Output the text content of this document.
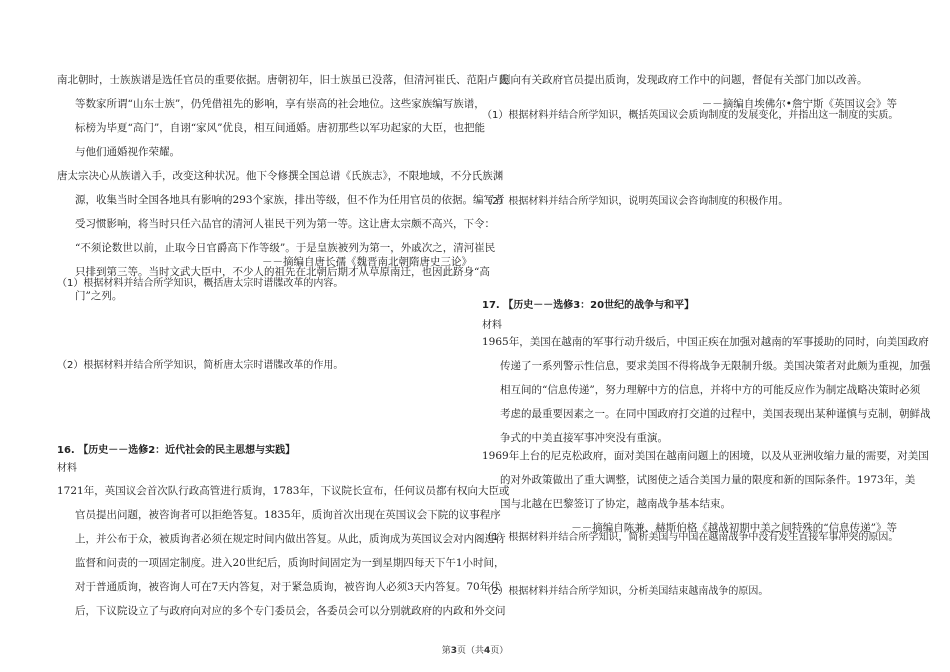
南北朝时，士族族谱是选任官员的重要依据。唐朝初年，旧士族虽已没落，但清河崔氏、范阳卢氏
等数家所谓“山东士族”，仍凭借祖先的影响，享有崇高的社会地位。这些家族编写族谱，
标榜为毕夏“高门”，自诩“家风”优良，相互间通婚。唐初那些以军功起家的大臣，也把能
与他们通婚视作荣耀。
唐太宗决心从族谱入手，改变这种状况。他下令修撰全国总谱《氏族志》，不限地域，不分氏族渊
源，收集当时全国各地具有影响的293个家族，排出等级，但不作为任用官员的依据。编写者
受习惯影响，将当时只任六品官的清河人崔民干列为第一等。这让唐太宗颇不高兴，下令：
“不须论数世以前，止取今日官爵高下作等级”。于是皇族被列为第一，外戚次之，清河崔民
只排到第三等。当时文武大臣中，不少人的祖先在北朝后期才从草原南迁，也因此跻身“高
门”之列。
－－摘编自唐长孺《魏晋南北朝隋唐史三论》
（1）根据材料并结合所学知识，概括唐太宗时谱牒改革的内容。
（2）根据材料并结合所学知识，简析唐太宗时谱牒改革的作用。
16. 【历史－－选修2：近代社会的民主思想与实践】
材料
题向有关政府官员提出质询，发现政府工作中的问题，督促有关部门加以改善。
－－摘编自埃佛尔•詹宁斯《英国议会》等
（1）根据材料并结合所学知识，概括英国议会质询制度的发展变化，并指出这一制度的实质。
（2）根据材料并结合所学知识，说明英国议会咨询制度的积极作用。
17. 【历史－－选修3：20世纪的战争与和平】
材料
1965年，美国在越南的军事行动升级后，中国正疾在加强对越南的军事援助的同时，向美国政府
传递了一系列警示性信息，要求美国不得将战争无限制升级。美国决策者对此颇为重视，加强
相互间的“信息传递”，努力理解中方的信息，并将中方的可能反应作为制定战略决策时必须
考虑的最重要因素之一。在同中国政府打交道的过程中，美国表现出某种谨慎与克制，朝鲜战
争式的中美直接军事冲突没有重演。
1969年上台的尼克松政府，面对美国在越南问题上的困境，以及从亚洲收缩力量的需要，对美国
的对外政策做出了重大调整，试图使之适合美国力量的限度和新的国际条件。1973年，美
国与北越在巴黎签订了协定，越南战争基本结束。
－－摘编自陈兼、赫斯伯格《越战初期中美之间特殊的“信息传递”》等
（1）根据材料并结合所学知识，简析美国与中国在越南战争中没有发生直接军事冲突的原因。
（2）根据材料并结合所学知识，分析美国结束越南战争的原因。
第3页（共4页）
1721年，英国议会首次队行政高管进行质询，1783年，下议院长宣布，任何议员都有权向大臣或
官员提出问题，被咨询者可以拒绝答复。1835年，质询首次出现在英国议会下院的议事程序
上，并公布于众，被质询者必须在规定时间内做出答复。从此，质询成为英国议会对内阁进行
监督和问责的一项固定制度。进入20世纪后，质询时间固定为一到星期四每天下午1小时间，
对于普通质询，被咨询人可在7天内答复，对于紧急质询，被咨询人必须3天内答复。70年代
后，下议院设立了与政府向对应的多个专门委员会，各委员会可以分别就政府的内政和外交问
